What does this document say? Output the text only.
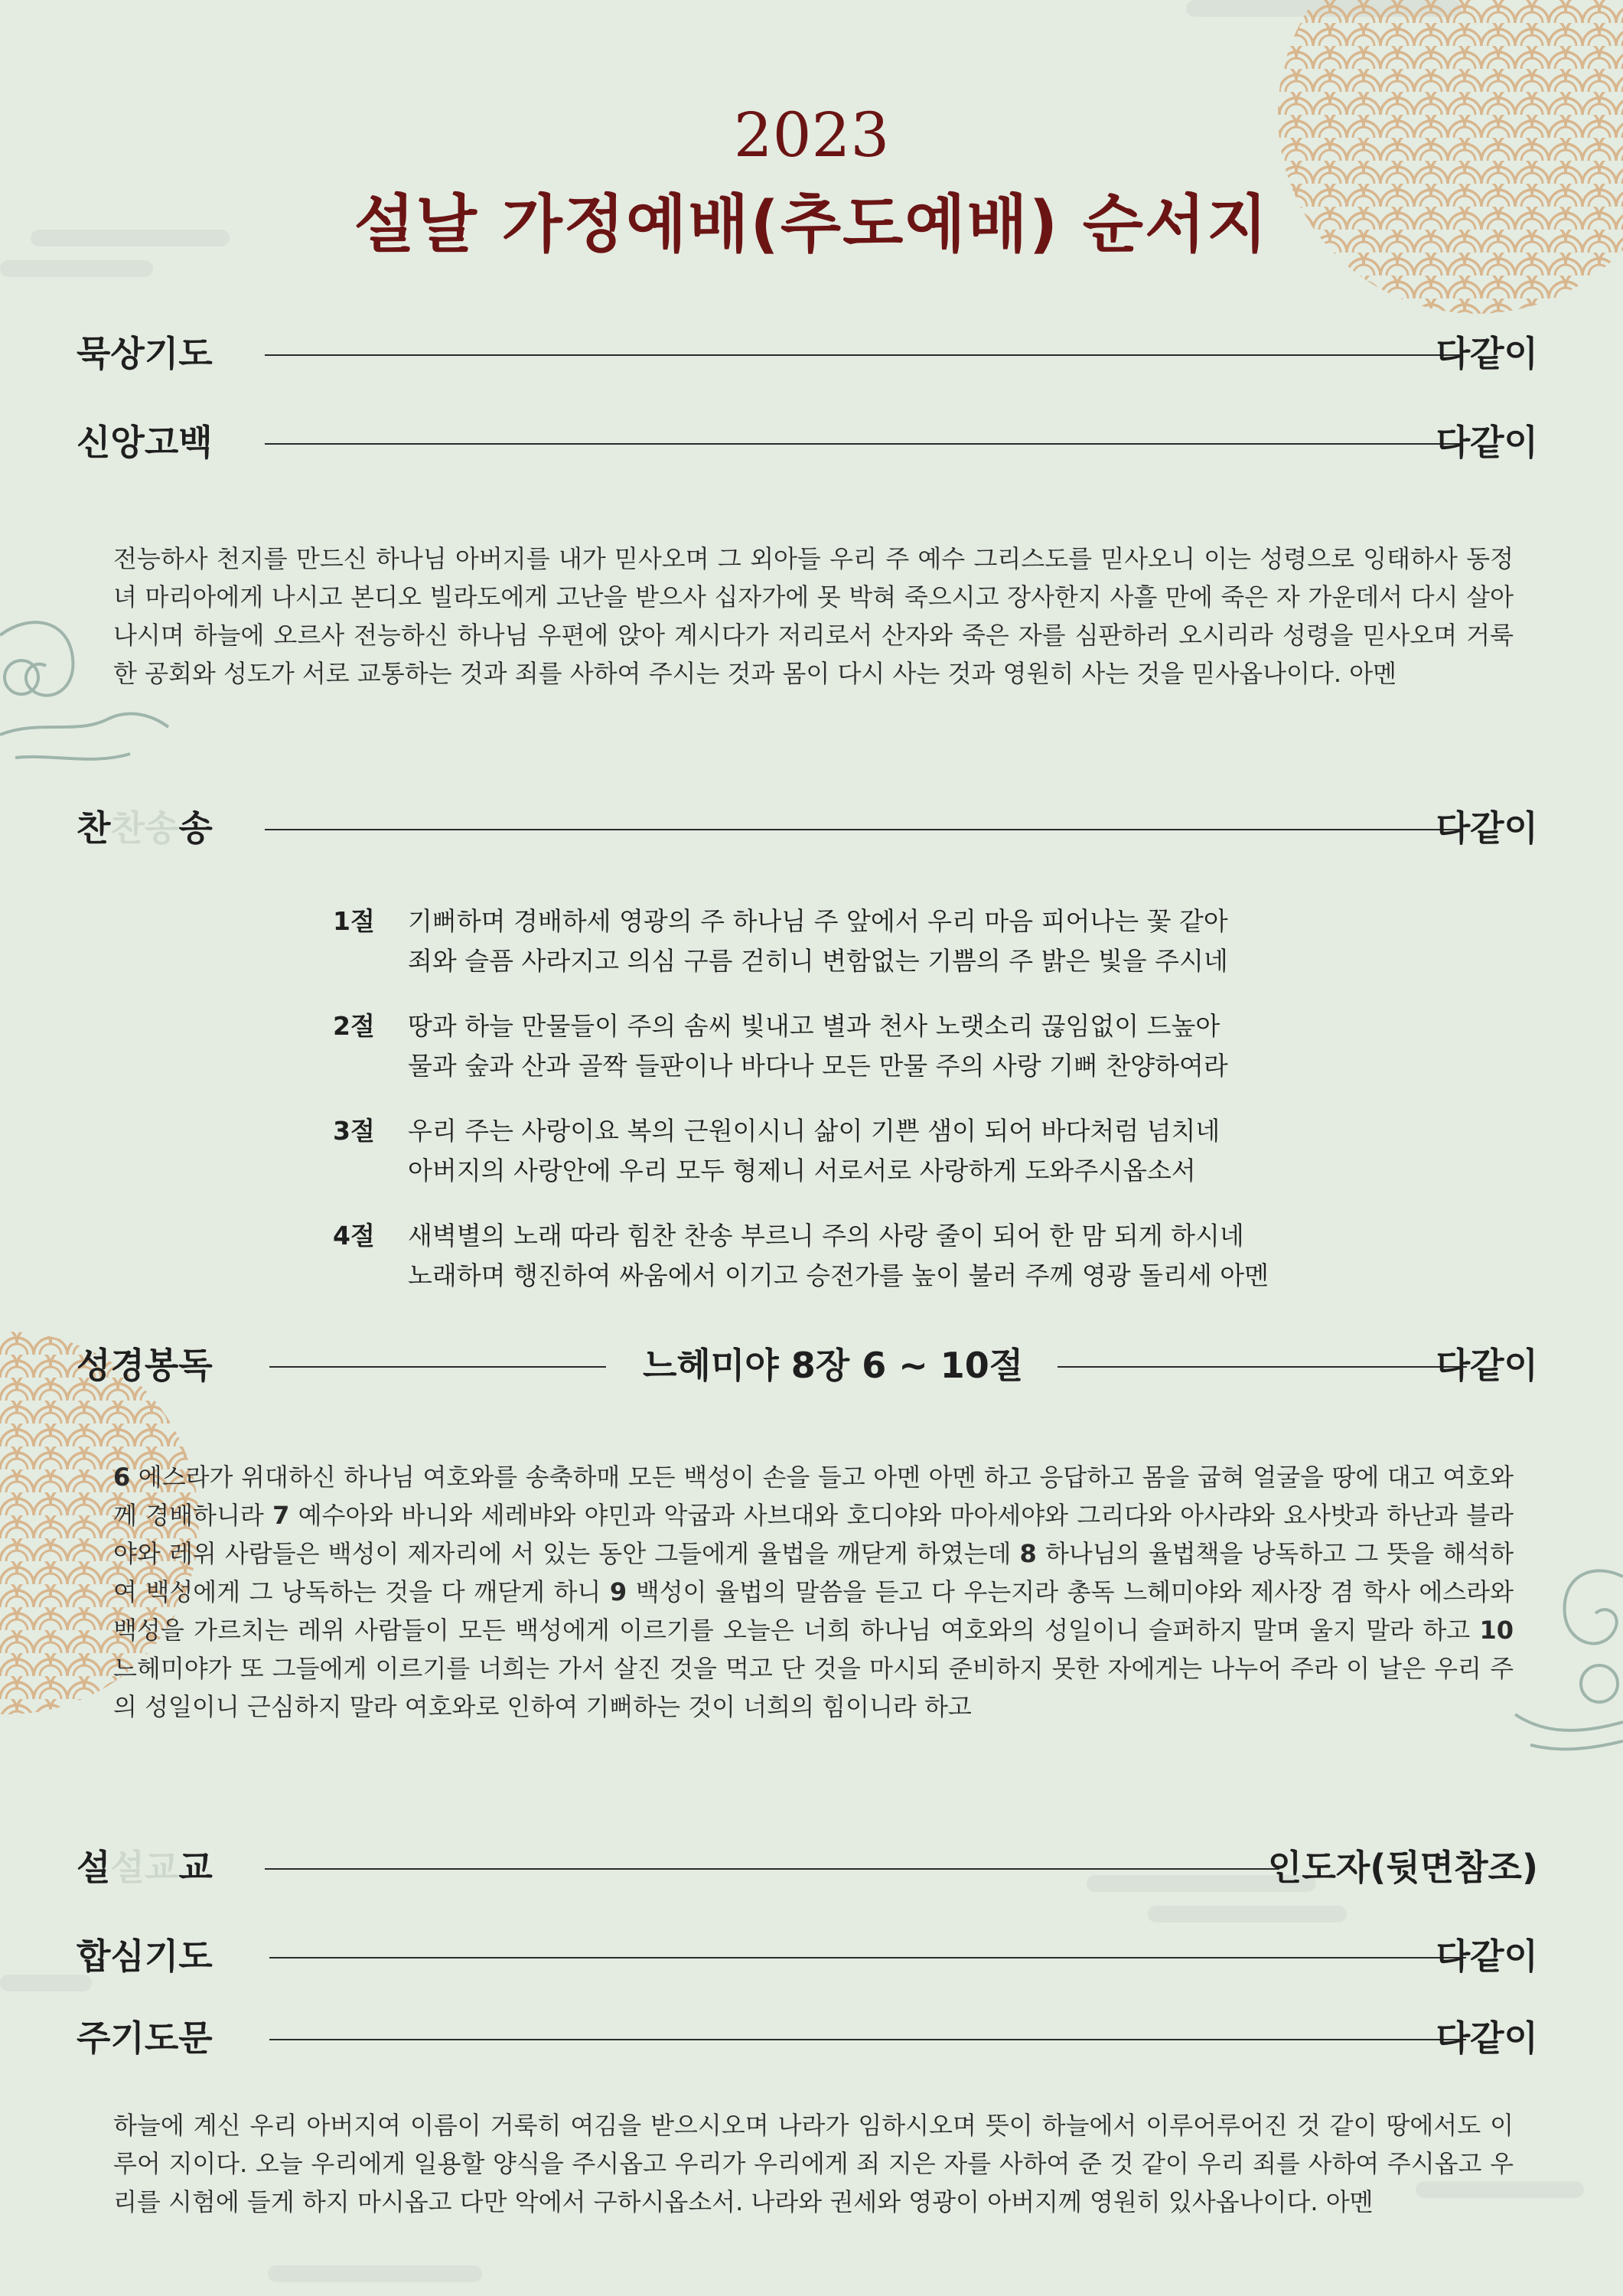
2023
설날 가정예배(추도예배) 순서지
묵상기도	다같이
신앙고백	다같이
전능하사 천지를 만드신 하나님 아버지를 내가 믿사오며 그 외아들 우리 주 예수 그리스도를 믿사오니 이는 성령으로 잉태하사 동정녀 마리아에게 나시고 본디오 빌라도에게 고난을 받으사 십자가에 못 박혀 죽으시고 장사한지 사흘 만에 죽은 자 가운데서 다시 살아나시며 하늘에 오르사 전능하신 하나님 우편에 앉아 계시다가 저리로서 산자와 죽은 자를 심판하러 오시리라 성령을 믿사오며 거룩한 공회와 성도가 서로 교통하는 것과 죄를 사하여 주시는 것과 몸이 다시 사는 것과 영원히 사는 것을 믿사옵나이다. 아멘
찬찬송송	다같이
1절 기뻐하며 경배하세 영광의 주 하나님 주 앞에서 우리 마음 피어나는 꽃 같아
죄와 슬픔 사라지고 의심 구름 걷히니 변함없는 기쁨의 주 밝은 빛을 주시네
2절 땅과 하늘 만물들이 주의 솜씨 빛내고 별과 천사 노랫소리 끊임없이 드높아
물과 숲과 산과 골짝 들판이나 바다나 모든 만물 주의 사랑 기뻐 찬양하여라
3절 우리 주는 사랑이요 복의 근원이시니 삶이 기쁜 샘이 되어 바다처럼 넘치네
아버지의 사랑안에 우리 모두 형제니 서로서로 사랑하게 도와주시옵소서
4절 새벽별의 노래 따라 힘찬 찬송 부르니 주의 사랑 줄이 되어 한 맘 되게 하시네
노래하며 행진하여 싸움에서 이기고 승전가를 높이 불러 주께 영광 돌리세 아멘
성경봉독	느헤미야 8장 6 ~ 10절	다같이
6 에스라가 위대하신 하나님 여호와를 송축하매 모든 백성이 손을 들고 아멘 아멘 하고 응답하고 몸을 굽혀 얼굴을 땅에 대고 여호와께 경배하니라 7 예수아와 바니와 세레뱌와 야민과 악굽과 사브대와 호디야와 마아세야와 그리다와 아사랴와 요사밧과 하난과 블라야와 레위 사람들은 백성이 제자리에 서 있는 동안 그들에게 율법을 깨닫게 하였는데 8 하나님의 율법책을 낭독하고 그 뜻을 해석하여 백성에게 그 낭독하는 것을 다 깨닫게 하니 9 백성이 율법의 말씀을 듣고 다 우는지라 총독 느헤미야와 제사장 겸 학사 에스라와 백성을 가르치는 레위 사람들이 모든 백성에게 이르기를 오늘은 너희 하나님 여호와의 성일이니 슬퍼하지 말며 울지 말라 하고 10 느헤미야가 또 그들에게 이르기를 너희는 가서 살진 것을 먹고 단 것을 마시되 준비하지 못한 자에게는 나누어 주라 이 날은 우리 주의 성일이니 근심하지 말라 여호와로 인하여 기뻐하는 것이 너희의 힘이니라 하고
설설교교	인도자(뒷면참조)
합심기도	다같이
주기도문	다같이
하늘에 계신 우리 아버지여 이름이 거룩히 여김을 받으시오며 나라가 임하시오며 뜻이 하늘에서 이루어루어진 것 같이 땅에서도 이루어 지이다. 오늘 우리에게 일용할 양식을 주시옵고 우리가 우리에게 죄 지은 자를 사하여 준 것 같이 우리 죄를 사하여 주시옵고 우리를 시험에 들게 하지 마시옵고 다만 악에서 구하시옵소서. 나라와 권세와 영광이 아버지께 영원히 있사옵나이다. 아멘
